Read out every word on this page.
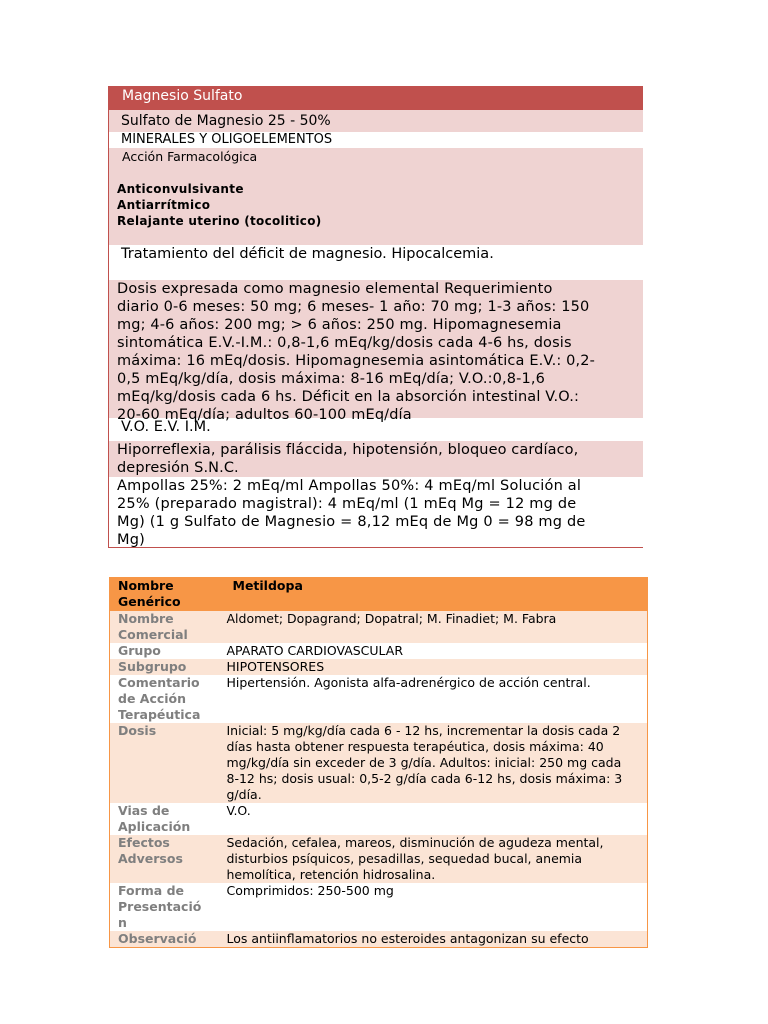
Magnesio Sulfato
Sulfato de Magnesio 25 - 50%
MINERALES Y OLIGOELEMENTOS
Acción Farmacológica
Anticonvulsivante
Antiarrítmico
Relajante uterino (tocolitico)
Tratamiento del déficit de magnesio. Hipocalcemia.
Dosis expresada como magnesio elemental Requerimiento
diario 0-6 meses: 50 mg; 6 meses- 1 año: 70 mg; 1-3 años: 150
mg; 4-6 años: 200 mg; > 6 años: 250 mg. Hipomagnesemia
sintomática E.V.-I.M.: 0,8-1,6 mEq/kg/dosis cada 4-6 hs, dosis
máxima: 16 mEq/dosis. Hipomagnesemia asintomática E.V.: 0,2-
0,5 mEq/kg/día, dosis máxima: 8-16 mEq/día; V.O.:0,8-1,6
mEq/kg/dosis cada 6 hs. Déficit en la absorción intestinal V.O.:
20-60 mEq/día; adultos 60-100 mEq/día
V.O. E.V. I.M.
Hiporreflexia, parálisis fláccida, hipotensión, bloqueo cardíaco,
depresión S.N.C.
Ampollas 25%: 2 mEq/ml Ampollas 50%: 4 mEq/ml Solución al
25% (preparado magistral): 4 mEq/ml (1 mEq Mg = 12 mg de
Mg) (1 g Sulfato de Magnesio = 8,12 mEq de Mg 0 = 98 mg de
Mg)
Nombre
Genérico	Metildopa
Nombre
Comercial	Aldomet; Dopagrand; Dopatral; M. Finadiet; M. Fabra
Grupo	APARATO CARDIOVASCULAR
Subgrupo	HIPOTENSORES
Comentario
de Acción
Terapéutica	Hipertensión. Agonista alfa-adrenérgico de acción central.
Dosis	Inicial: 5 mg/kg/día cada 6 - 12 hs, incrementar la dosis cada 2
días hasta obtener respuesta terapéutica, dosis máxima: 40
mg/kg/día sin exceder de 3 g/día. Adultos: inicial: 250 mg cada
8-12 hs; dosis usual: 0,5-2 g/día cada 6-12 hs, dosis máxima: 3
g/día.
Vias de
Aplicación	V.O.
Efectos
Adversos	Sedación, cefalea, mareos, disminución de agudeza mental,
disturbios psíquicos, pesadillas, sequedad bucal, anemia
hemolítica, retención hidrosalina.
Forma de
Presentació
n	Comprimidos: 250-500 mg
Observació	Los antiinflamatorios no esteroides antagonizan su efecto
